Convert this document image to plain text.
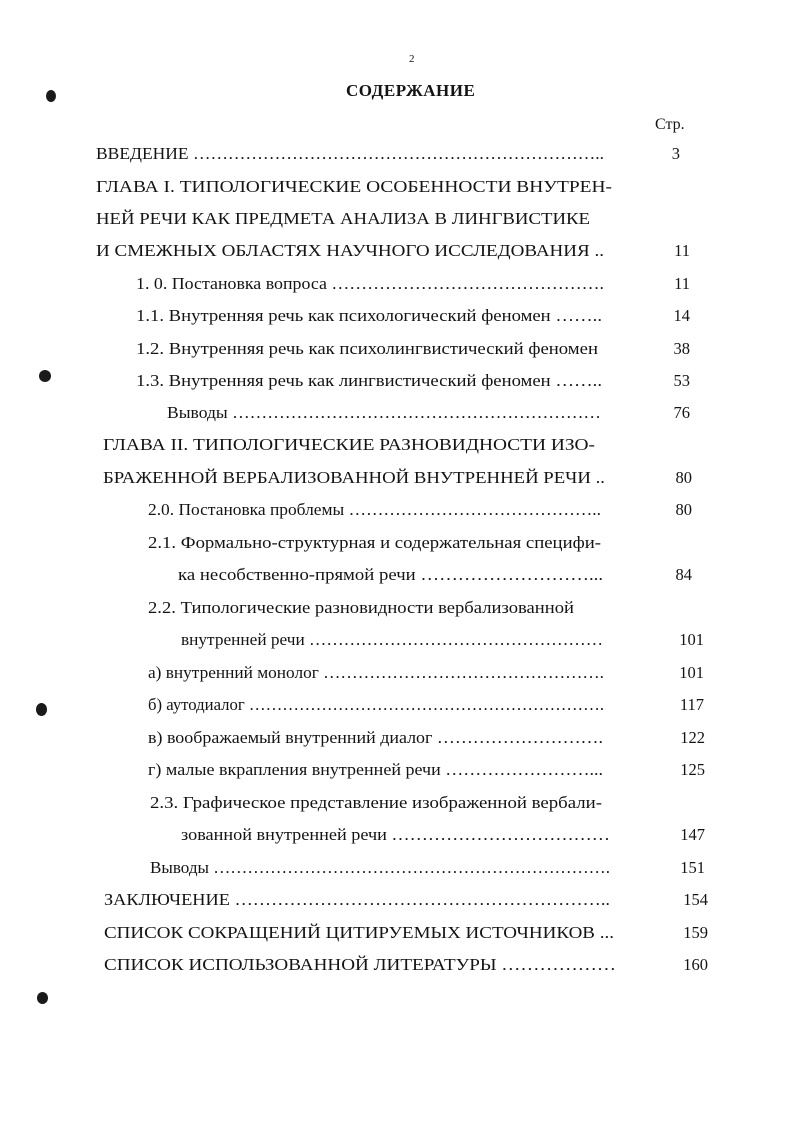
2
СОДЕРЖАНИЕ
Стр.
ВВЕДЕНИЕ ……………………………………………………………..	3
ГЛАВА I. ТИПОЛОГИЧЕСКИЕ ОСОБЕННОСТИ ВНУТРЕН-
НЕЙ РЕЧИ КАК ПРЕДМЕТА АНАЛИЗА В ЛИНГВИСТИКЕ
И СМЕЖНЫХ ОБЛАСТЯХ НАУЧНОГО ИССЛЕДОВАНИЯ ..	11
1. 0. Постановка вопроса ……………………………………….	11
1.1. Внутренняя речь как психологический феномен ……..	14
1.2. Внутренняя речь как психолингвистический феномен	38
1.3. Внутренняя речь как лингвистический феномен ……..	53
Выводы ………………………………………………………	76
ГЛАВА II. ТИПОЛОГИЧЕСКИЕ РАЗНОВИДНОСТИ ИЗО-
БРАЖЕННОЙ ВЕРБАЛИЗОВАННОЙ ВНУТРЕННЕЙ РЕЧИ ..	80
2.0. Постановка проблемы ……………………………………..	80
2.1. Формально-структурная и содержательная специфи-
ка несобственно-прямой речи ………………………...	84
2.2. Типологические разновидности вербализованной
внутренней речи ……………………………………………	101
а) внутренний монолог ………………………………………….	101
б) аутодиалог ……………………………………………………….	117
в) воображаемый внутренний диалог ……………………….	122
г) малые вкрапления внутренней речи ……………………...	125
2.3. Графическое представление изображенной вербали-
зованной внутренней речи ………………………………	147
Выводы …………………………………………………………….	151
ЗАКЛЮЧЕНИЕ ……………………………………………………..	154
СПИСОК СОКРАЩЕНИЙ ЦИТИРУЕМЫХ ИСТОЧНИКОВ ...	159
СПИСОК ИСПОЛЬЗОВАННОЙ ЛИТЕРАТУРЫ ………………	160
